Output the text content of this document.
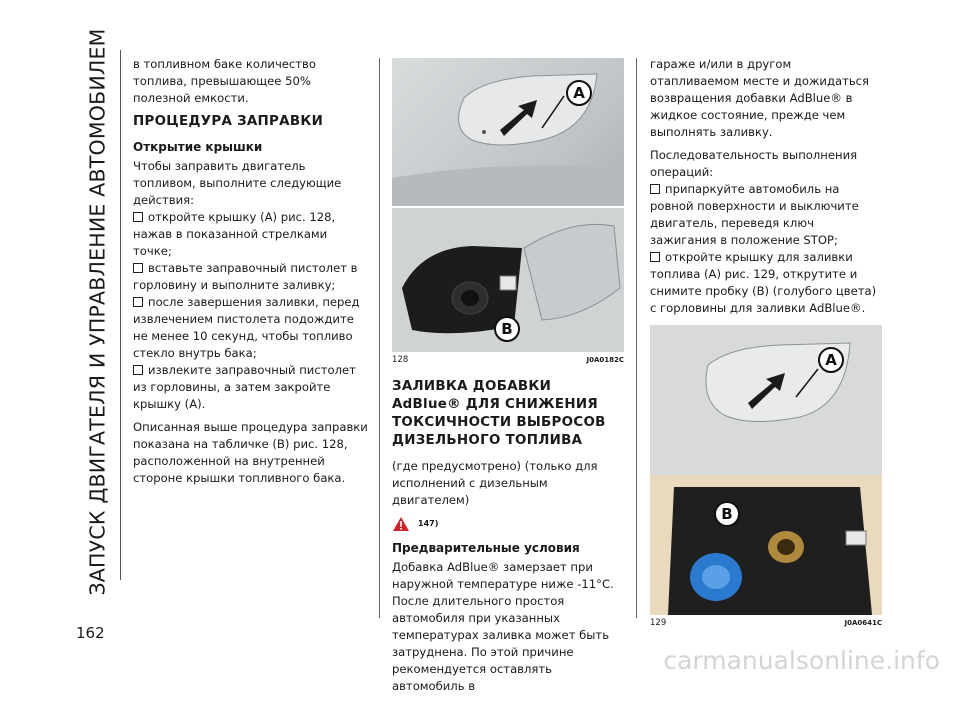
ЗАПУСК ДВИГАТЕЛЯ И УПРАВЛЕНИЕ АВТОМОБИЛЕМ
162

в топливном баке количество топлива, превышающее 50% полезной емкости.

ПРОЦЕДУРА ЗАПРАВКИ
Открытие крышки

Чтобы заправить двигатель топливом, выполните следующие действия:

откройте крышку (A) рис. 128, нажав в показанной стрелками точке;
вставьте заправочный пистолет в горловину и выполните заливку;
после завершения заливки, перед извлечением пистолета подождите не менее 10 секунд, чтобы топливо стекло внутрь бака;
извлеките заправочный пистолет из горловины, а затем закройте крышку (A).

Описанная выше процедура заправки показана на табличке (B) рис. 128, расположенной на внутренней стороне крышки топливного бака.

A
B
128	J0A0182C
ЗАЛИВКА ДОБАВКИ AdBlue® ДЛЯ СНИЖЕНИЯ ТОКСИЧНОСТИ ВЫБРОСОВ ДИЗЕЛЬНОГО ТОПЛИВА

(где предусмотрено) (только для исполнений с дизельным двигателем)

147)
Предварительные условия

Добавка AdBlue® замерзает при наружной температуре ниже -11°C. После длительного простоя автомобиля при указанных температурах заливка может быть затруднена. По этой причине рекомендуется оставлять автомобиль в

гараже и/или в другом отапливаемом месте и дожидаться возвращения добавки AdBlue® в жидкое состояние, прежде чем выполнять заливку.

Последовательность выполнения операций:

припаркуйте автомобиль на ровной поверхности и выключите двигатель, переведя ключ зажигания в положение STOP;
откройте крышку для заливки топлива (A) рис. 129, открутите и снимите пробку (B) (голубого цвета) с горловины для заливки AdBlue®.
A
B
129	J0A0641C
carmanualsonline.info
